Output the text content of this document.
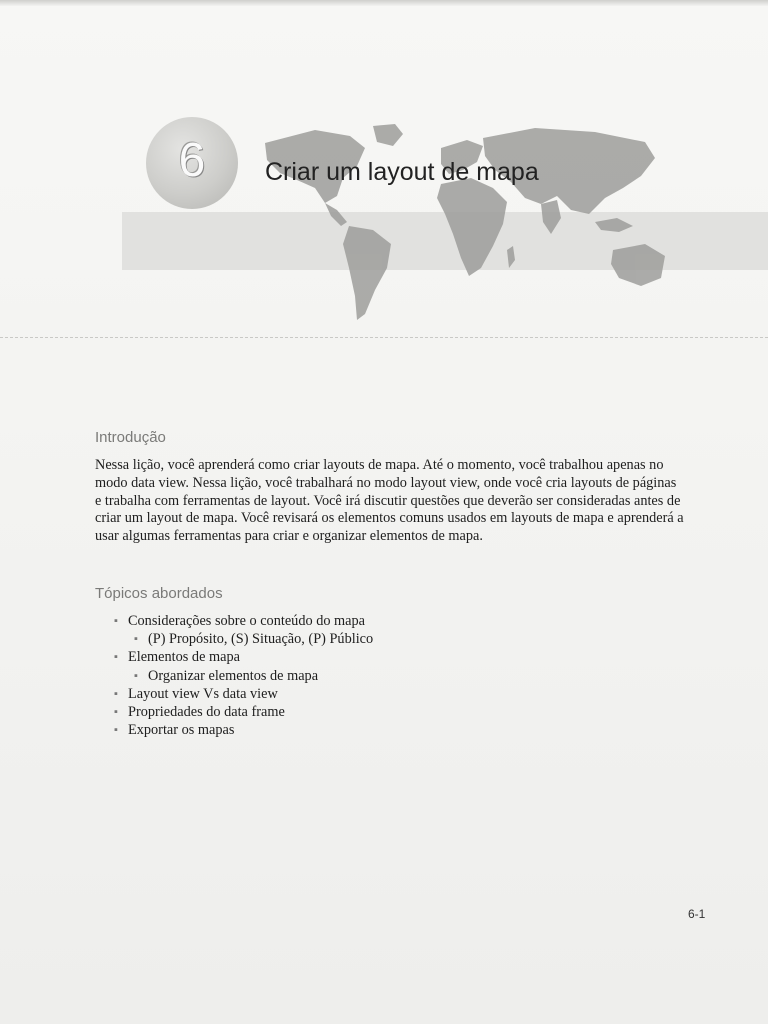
6	Criar um layout de mapa
Introdução

Nessa lição, você aprenderá como criar layouts de mapa. Até o momento, você trabalhou apenas no modo data view. Nessa lição, você trabalhará no modo layout view, onde você cria layouts de páginas e trabalha com ferramentas de layout. Você irá discutir questões que deverão ser consideradas antes de criar um layout de mapa. Você revisará os elementos comuns usados em layouts de mapa e aprenderá a usar algumas ferramentas para criar e organizar elementos de mapa.

Tópicos abordados
▪ Considerações sobre o conteúdo do mapa
▪ (P) Propósito, (S) Situação, (P) Público
▪ Elementos de mapa
▪ Organizar elementos de mapa
▪ Layout view Vs data view
▪ Propriedades do data frame
▪ Exportar os mapas
6-1
